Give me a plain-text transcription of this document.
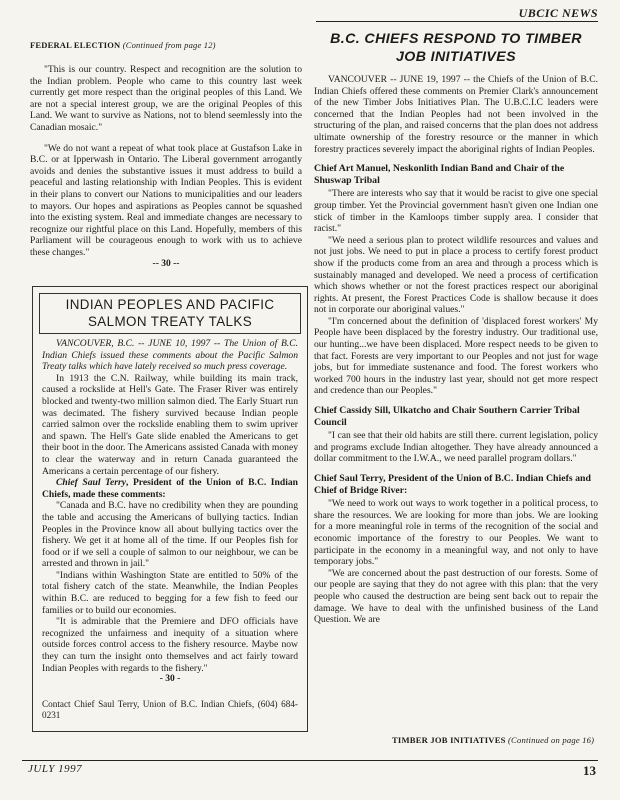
UBCIC NEWS
FEDERAL ELECTION (Continued from page 12)

"This is our country. Respect and recognition are the solution to the Indian problem. People who came to this country last week currently get more respect than the original peoples of this Land. We are not a special interest group, we are the original Peoples of this Land. We want to survive as Nations, not to blend seemlessly into the Canadian mosaic."

"We do not want a repeat of what took place at Gustafson Lake in B.C. or at Ipperwash in Ontario. The Liberal government arrogantly avoids and denies the substantive issues it must address to build a peaceful and lasting relationship with Indian Peoples. This is evident in their plans to convert our Nations to municipalities and our leaders to mayors. Our hopes and aspirations as Peoples cannot be squashed into the existing system. Real and immediate changes are necessary to recognize our rightful place on this Land. Hopefully, members of this Parliament will be courageous enough to work with us to achieve these changes."

-- 30 --
INDIAN PEOPLES AND PACIFIC
SALMON TREATY TALKS

VANCOUVER, B.C. -- JUNE 10, 1997 -- The Union of B.C. Indian Chiefs issued these comments about the Pacific Salmon Treaty talks which have lately received so much press coverage.

In 1913 the C.N. Railway, while building its main track, caused a rockslide at Hell's Gate. The Fraser River was entirely blocked and twenty-two million salmon died. The Early Stuart run was decimated. The fishery survived because Indian people carried salmon over the rockslide enabling them to swim upriver and spawn. The Hell's Gate slide enabled the Americans to get their boot in the door. The Americans assisted Canada with money to clear the waterway and in return Canada guaranteed the Americans a certain percentage of our fishery.

Chief Saul Terry, President of the Union of B.C. Indian Chiefs, made these comments:

"Canada and B.C. have no credibility when they are pounding the table and accusing the Americans of bullying tactics. Indian Peoples in the Province know all about bullying tactics over the fishery. We get it at home all of the time. If our Peoples fish for food or if we sell a couple of salmon to our neighbour, we can be arrested and thrown in jail."

"Indians within Washington State are entitled to 50% of the total fishery catch of the state. Meanwhile, the Indian Peoples within B.C. are reduced to begging for a few fish to feed our families or to build our economies.

"It is admirable that the Premiere and DFO officials have recognized the unfairness and inequity of a situation where outside forces control access to the fishery resource. Maybe now they can turn the insight onto themselves and act fairly toward Indian Peoples with regards to the fishery."

- 30 -

Contact Chief Saul Terry, Union of B.C. Indian Chiefs, (604) 684-0231

B.C. CHIEFS RESPOND TO TIMBER
JOB INITIATIVES

VANCOUVER -- JUNE 19, 1997 -- the Chiefs of the Union of B.C. Indian Chiefs offered these comments on Premier Clark's announcement of the new Timber Jobs Initiatives Plan. The U.B.C.I.C leaders were concerned that the Indian Peoples had not been involved in the structuring of the plan, and raised concerns that the plan does not address ultimate ownership of the forestry resource or the manner in which forestry practices severely impact the aboriginal rights of Indian Peoples.

Chief Art Manuel, Neskonlith Indian Band and Chair of the Shuswap Tribal

"There are interests who say that it would be racist to give one special group timber. Yet the Provincial government hasn't given one Indian one stick of timber in the Kamloops timber supply area. I consider that racist."

"We need a serious plan to protect wildlife resources and values and not just jobs. We need to put in place a process to certify forest product show if the products come from an area and through a process which is sustainably managed and developed. We need a process of certification which shows whether or not the forest practices respect our aboriginal rights. At present, the Forest Practices Code is shallow because it does not in corporate our aboriginal values."

"I'm concerned about the definition of 'displaced forest workers' My People have been displaced by the forestry industry. Our traditional use, our hunting...we have been displaced. More respect needs to be given to that fact. Forests are very important to our Peoples and not just for wage jobs, but for immediate sustenance and food. The forest workers who worked 700 hours in the industry last year, should not get more respect and credence than our Peoples."

Chief Cassidy Sill, Ulkatcho and Chair Southern Carrier Tribal Council

"I can see that their old habits are still there. current legislation, policy and programs exclude Indian altogether. They have already announced a dollar commitment to the I.W.A., we need parallel program dollars."

Chief Saul Terry, President of the Union of B.C. Indian Chiefs and Chief of Bridge River:

"We need to work out ways to work together in a political process, to share the resources. We are looking for more than jobs. We are looking for a more meaningful role in terms of the recognition of the social and economic importance of the forestry to our Peoples. We want to participate in the economy in a meaningful way, and not only to have temporary jobs."

"We are concerned about the past destruction of our forests. Some of our people are saying that they do not agree with this plan: that the very people who caused the destruction are being sent back out to repair the damage. We have to deal with the unfinished business of the Land Question. We are

TIMBER JOB INITIATIVES (Continued on page 16)
JULY 1997	13
